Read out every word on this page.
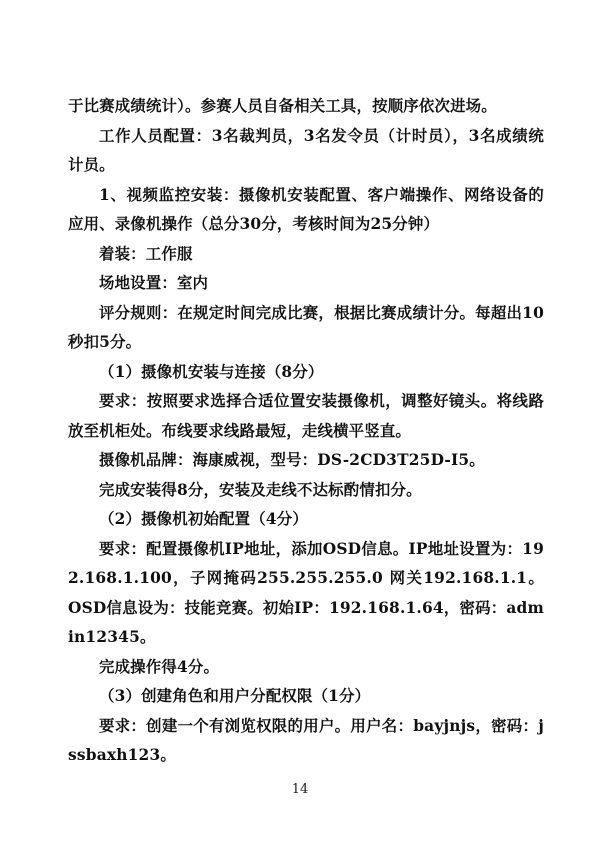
于比赛成绩统计）。参赛人员自备相关工具，按顺序依次进场。

工作人员配置：3名裁判员，3名发令员（计时员），3名成绩统计员。

1、视频监控安装：摄像机安装配置、客户端操作、网络设备的应用、录像机操作（总分30分，考核时间为25分钟）

着装：工作服

场地设置：室内

评分规则：在规定时间完成比赛，根据比赛成绩计分。每超出10秒扣5分。

（1）摄像机安装与连接（8分）

要求：按照要求选择合适位置安装摄像机，调整好镜头。将线路放至机柜处。布线要求线路最短，走线横平竖直。

摄像机品牌：海康威视，型号：DS-2CD3T25D-I5。

完成安装得8分，安装及走线不达标酌情扣分。

（2）摄像机初始配置（4分）

要求：配置摄像机IP地址，添加OSD信息。IP地址设置为：192.168.1.100，子网掩码255.255.255.0 网关192.168.1.1。OSD信息设为：技能竞赛。初始IP：192.168.1.64，密码：admin12345。

完成操作得4分。

（3）创建角色和用户分配权限（1分）

要求：创建一个有浏览权限的用户。用户名：bayjnjs，密码：jssbaxh123。

14
